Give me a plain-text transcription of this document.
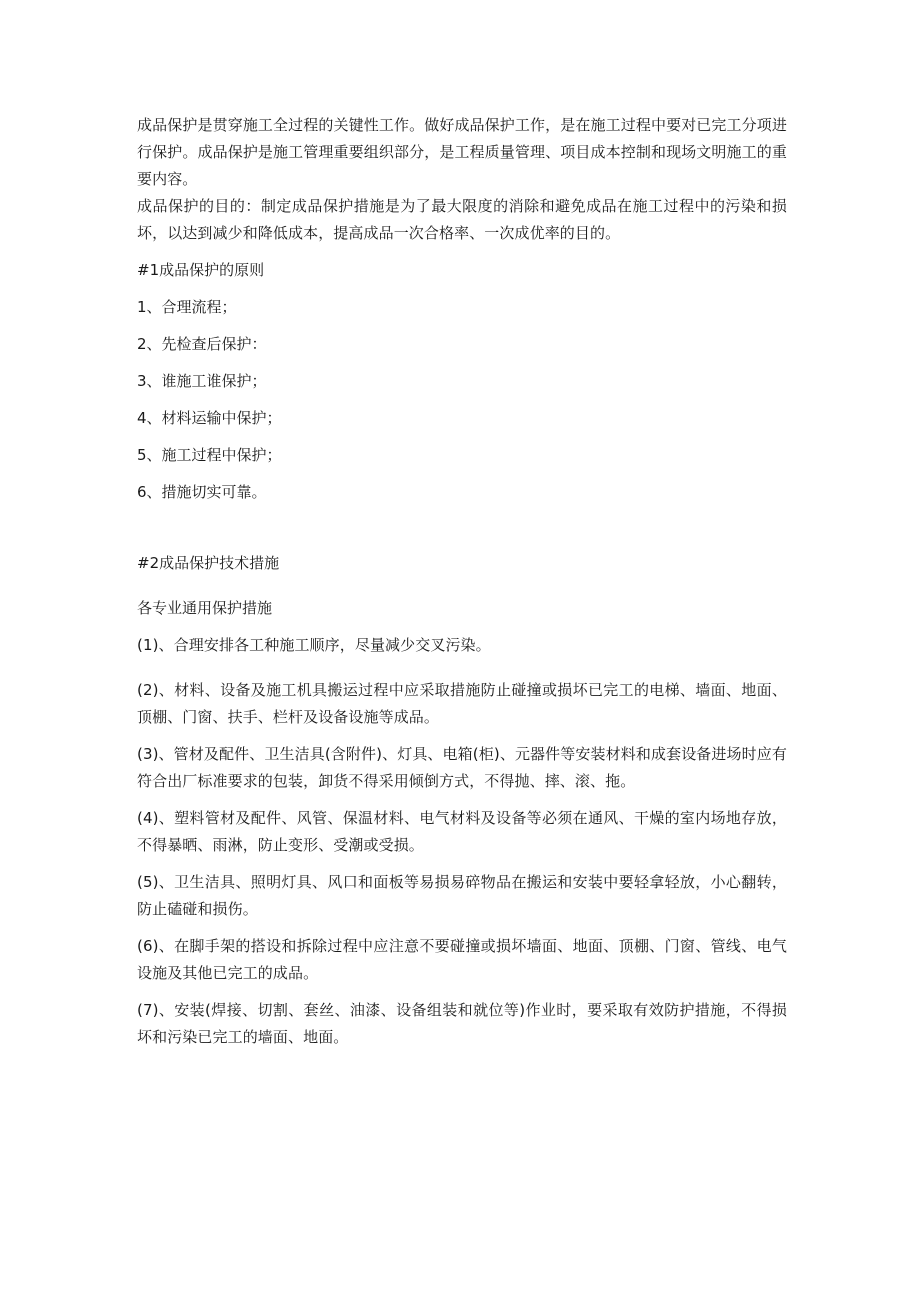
成品保护是贯穿施工全过程的关键性工作。做好成品保护工作，是在施工过程中要对已完工分项进行保护。成品保护是施工管理重要组织部分，是工程质量管理、项目成本控制和现场文明施工的重要内容。

成品保护的目的：制定成品保护措施是为了最大限度的消除和避免成品在施工过程中的污染和损坏，以达到减少和降低成本，提高成品一次合格率、一次成优率的目的。

#1成品保护的原则

1、合理流程；

2、先检查后保护：

3、谁施工谁保护；

4、材料运输中保护；

5、施工过程中保护；

6、措施切实可靠。

#2成品保护技术措施

各专业通用保护措施

(1)、合理安排各工种施工顺序，尽量减少交叉污染。

(2)、材料、设备及施工机具搬运过程中应采取措施防止碰撞或损坏已完工的电梯、墙面、地面、顶棚、门窗、扶手、栏杆及设备设施等成品。

(3)、管材及配件、卫生洁具(含附件)、灯具、电箱(柜)、元器件等安装材料和成套设备进场时应有符合出厂标准要求的包装，卸货不得采用倾倒方式，不得抛、摔、滚、拖。

(4)、塑料管材及配件、风管、保温材料、电气材料及设备等必须在通风、干燥的室内场地存放，不得暴晒、雨淋，防止变形、受潮或受损。

(5)、卫生洁具、照明灯具、风口和面板等易损易碎物品在搬运和安装中要轻拿轻放，小心翻转，防止磕碰和损伤。

(6)、在脚手架的搭设和拆除过程中应注意不要碰撞或损坏墙面、地面、顶棚、门窗、管线、电气设施及其他已完工的成品。

(7)、安装(焊接、切割、套丝、油漆、设备组装和就位等)作业时，要采取有效防护措施，不得损坏和污染已完工的墙面、地面。
